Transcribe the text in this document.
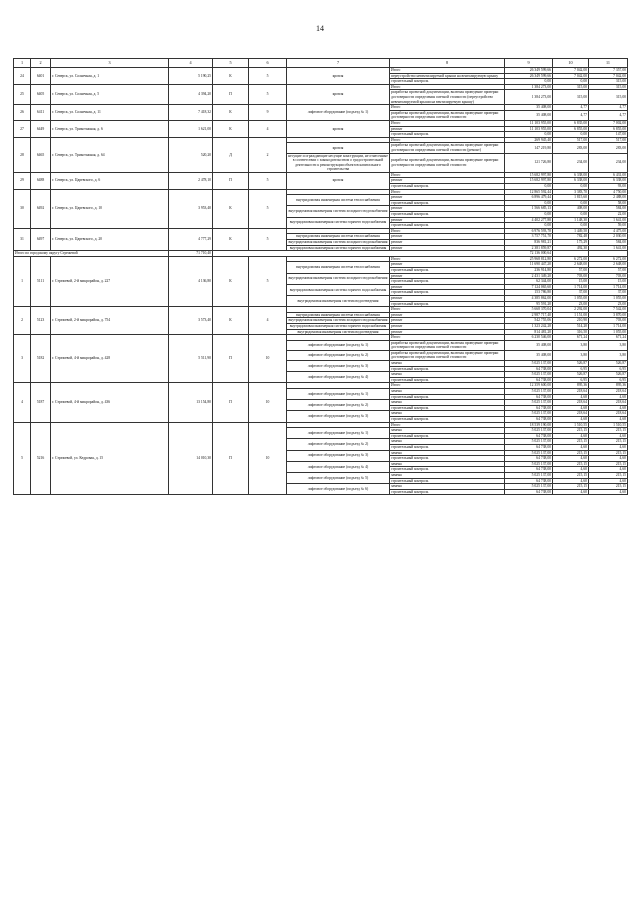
14
1	2	3	4	5	6	7	8	9	10	11
24	6401	г. Северск, ул. Солнечная, д. 1	5 190,25	К	5	кровля	Итого	26 349 599,66	7 042,00	7 357,00
							переустройство невентилируемой крыши на вентилируемую крышу	26 349 599,66	7 042,00	7 042,00
							строительный контроль	0,00	0,00	315,00
25	6405	г. Северск, ул. Солнечная, д. 5	4 394,20	П	5	кровля	Итого	1 384 273,00	315,00	315,00
							разработка проектной документации, включая проведение проверки достоверности определения сметной стоимости (переустройство невентилируемой крыши на вентилируемую крышу)	1 384 273,00	315,00	315,00
26	6411	г. Северск, ул. Солнечная, д. 11	7 418,32	К	9	лифтовое оборудование (подъезд № 1)	Итого	35 408,00	4,77	4,77
							разработка проектной документации, включая проведение проверки достоверности определения сметной стоимости	35 408,00	4,77	4,77
27	6449	г. Северск, ул. Трикотажная, д. 6	1 621,00	К	4	кровля	Итого	11 103 955,00	6 835,00	7 002,00
							ремонт	11 103 955,00	6 855,00	6 855,00
							строительный контроль	0,00	0,00	147,00
28	6465	г. Северск, ул. Трикотажная, д. 64	520,20	Д	2		Итого	269 945,40	517,00	517,00
						кровля	разработка проектной документации, включая проведение проверки достоверности определения сметной стоимости (ремонт)	147 219,80	283,00	283,00
						несущие и ограждающие несущие конструкции, не отнесенные в соответствии с законодательством о градостроительной деятельности к реконструкции объектов капитального строительства	разработка проектной документации, включая проведение проверки достоверности определения сметной стоимости	121 726,80	234,00	234,00
29	6488	г. Северск, ул. Царевского, д. 6	2 478,10	П	5	кровля	Итого	15 682 997,80	6 338,00	6 431,00
							ремонт	15 682 997,80	6 338,00	6 338,00
							строительный контроль	0,00	0,00	93,00
30	6492	г. Северск, ул. Царевского, д. 10	3 953,40	К	5		Итого	12 865 592,44	3 383,70	4 750,00
						внутридомовая инженерная система теплоснабжения	ремонт	6 896 479,44	1 815,60	2 488,00
							строительный контроль	0,00	0,00	58,00
						внутридомовая инженерная система холодного водоснабжения	ремонт	1 566 685,13	408,00	584,00
							строительный контроль	0,00	0,00	22,00
						внутридомовая инженерная система горячего водоснабжения	ремонт	4 402 277,88	1 148,30	1 641,00
							строительный контроль	0,00	0,00	59,00
31	6497	г. Северск, ул. Царевского, д. 20	4 777,29	К	5		Итого	6 976 593,78	1 449,50	4 475,00
						внутридомовая инженерная система теплоснабжения	ремонт	3 757 751,70	782,48	2 030,00
						внутридомовая инженерная система холодного водоснабжения	ремонт	836 981,21	175,29	584,00
						внутридомовая инженерная система горячего водоснабжения	ремонт	2 381 859,87	492,30	1 641,00
Итого по городскому округу Стрежевой			71 710,40					72 136 000,64		
1	5111	г. Стрежевой, 2-й микрорайон, д. 227	4 136,80	К	5		Итого	25 968 812,80	6 272,00	6 272,00
						внутридомовая инженерная система теплоснабжения	ремонт	11 690 447,20	2 648,00	2 648,00
							строительный контроль	236 914,80	57,00	57,00
						внутридомовая инженерная система холодного водоснабжения	ремонт	2 431 349,20	703,00	703,00
							строительный контроль	62 344,00	15,00	15,00
						внутридомовая инженерная система горячего водоснабжения	ремонт	7 124 065,60	1 714,00	1 714,00
							строительный контроль	153 786,80	37,00	37,00
						внутридомовая инженерная система водоотведения	ремонт	4 385 862,00	1 055,00	1 055,00
							строительный контроль	95 591,20	23,00	23,00
2	5123	г. Стрежевой, 2-й микрорайон, д. 754	3 573,40	К	4		Итого	5 668 370,04	2 292,00	7 542,00
						внутридомовая инженерная система теплоснабжения	ремонт	2 987 717,40	1 151,00	3 870,00
						внутридомовая инженерная система холодного водоснабжения	ремонт	542 755,06	210,90	703,00
						внутридомовая инженерная система горячего водоснабжения	ремонт	1 323 242,28	514,20	1 714,00
						внутридомовая инженерная система водоотведения	ремонт	814 481,20	316,50	1 055,00
3	5182	г. Стрежевой, 4-й микрорайон, д. 428	5 511,90	П	10		Итого	6 230 546,00	671,24	671,24
						лифтовое оборудование (подъезд № 1)	разработка проектной документации, включая проведение проверки достоверности определения сметной стоимости	35 408,00	3,80	3,80
						лифтовое оборудование (подъезд № 2)	разработка проектной документации, включая проведение проверки достоверности определения сметной стоимости	35 408,00	3,80	3,80
						лифтовое оборудование (подъезд № 3)	замена	5 025 137,00	526,87	526,87
							строительный контроль	64 738,00	6,95	6,95
						лифтовое оборудование (подъезд № 4)	замена	5 025 137,00	526,87	526,87
							строительный контроль	64 738,00	6,95	6,95
4	5187	г. Стрежевой, 4-й микрорайон, д. 436	13 154,80	П	10		Итого	12 359 600,00	895,36	895,36
						лифтовое оборудование (подъезд № 1)	замена	5 025 137,00	218,64	218,64
							строительный контроль	64 738,00	4,68	4,68
						лифтовое оборудование (подъезд № 2)	замена	5 025 137,00	218,64	218,64
							строительный контроль	64 738,00	4,68	4,68
						лифтовое оборудование (подъезд № 3)	замена	5 025 137,00	218,64	218,64
							строительный контроль	64 738,00	4,68	4,68
5	5216	г. Стрежевой, ул. Кедровая, д. 15	14 010,30	П	10		Итого	18 539 190,00	1 510,55	1 510,55
						лифтовое оборудование (подъезд № 1)	замена	5 025 137,00	215,15	215,15
							строительный контроль	64 738,00	4,60	4,60
						лифтовое оборудование (подъезд № 2)	замена	5 025 137,00	215,15	215,15
							строительный контроль	64 738,00	4,60	4,60
						лифтовое оборудование (подъезд № 3)	замена	5 025 137,00	215,15	215,15
							строительный контроль	64 738,00	4,60	4,60
						лифтовое оборудование (подъезд № 4)	замена	5 025 137,00	215,15	215,15
							строительный контроль	64 738,00	4,60	4,60
						лифтовое оборудование (подъезд № 5)	замена	5 025 137,00	215,15	215,15
							строительный контроль	64 738,00	4,60	4,60
						лифтовое оборудование (подъезд № 6)	замена	5 025 137,00	215,15	215,15
							строительный контроль	64 738,00	4,60	4,60
